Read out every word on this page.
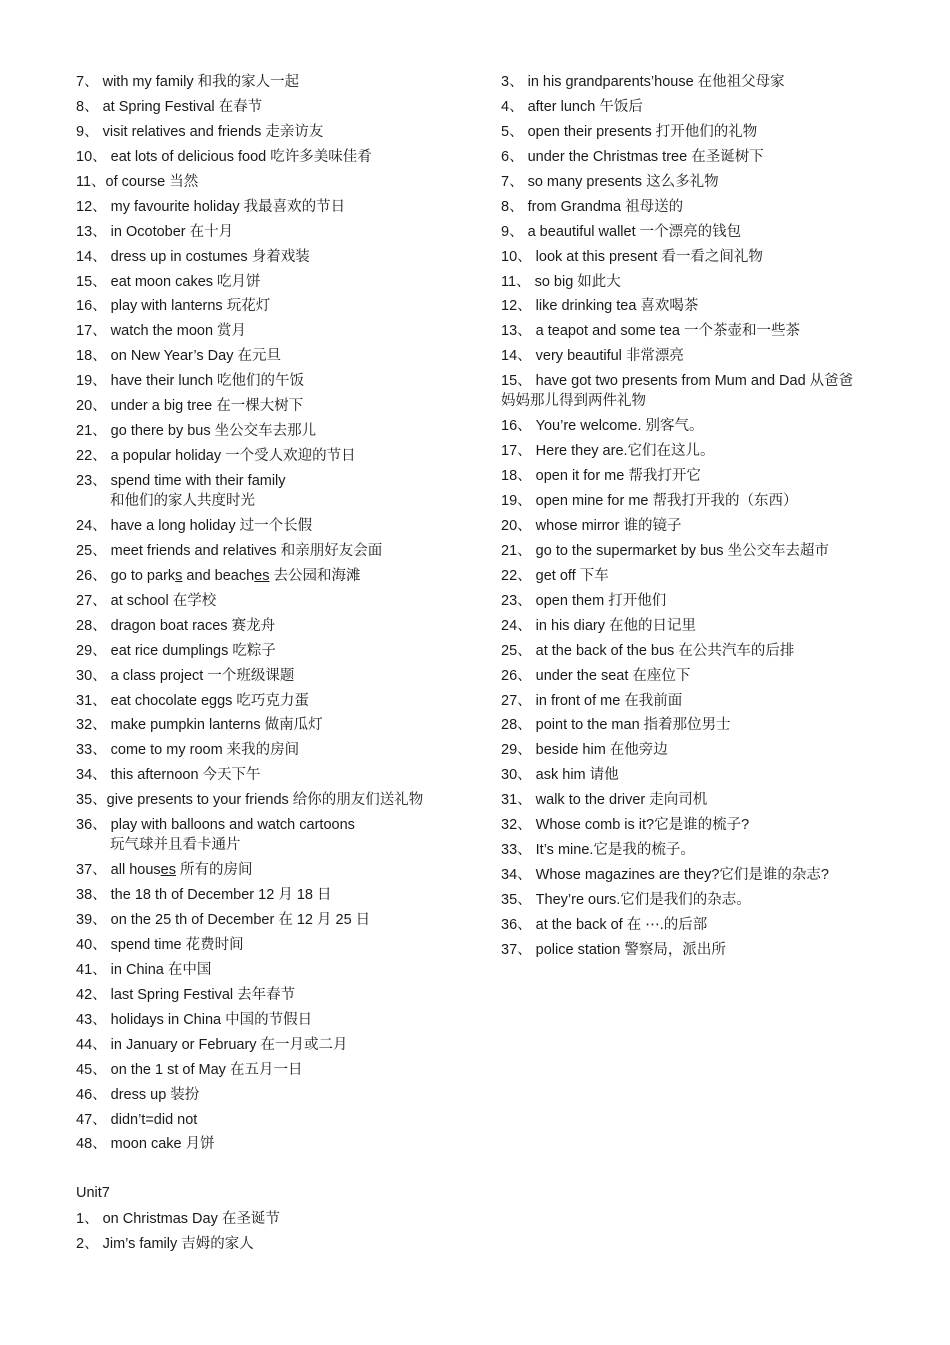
7、 with my family 和我的家人一起
8、 at Spring Festival 在春节
9、 visit relatives and friends 走亲访友
10、 eat lots of delicious food 吃许多美味佳肴
11、of course 当然
12、 my favourite holiday 我最喜欢的节日
13、 in Ocotober 在十月
14、 dress up in costumes 身着戏装
15、 eat moon cakes 吃月饼
16、 play with lanterns 玩花灯
17、 watch the moon 赏月
18、 on New Year’s Day 在元旦
19、 have their lunch 吃他们的午饭
20、 under a big tree 在一棵大树下
21、 go there by bus 坐公交车去那儿
22、 a popular holiday 一个受人欢迎的节日
23、 spend time with their family
和他们的家人共度时光
24、 have a long holiday 过一个长假
25、 meet friends and relatives 和亲朋好友会面
26、 go to parks and beaches 去公园和海滩
27、 at school 在学校
28、 dragon boat races 赛龙舟
29、 eat rice dumplings 吃粽子
30、 a class project 一个班级课题
31、 eat chocolate eggs 吃巧克力蛋
32、 make pumpkin lanterns 做南瓜灯
33、 come to my room 来我的房间
34、 this afternoon 今天下午
35、give presents to your friends 给你的朋友们送礼物
36、 play with balloons and watch cartoons
玩气球并且看卡通片
37、 all houses 所有的房间
38、 the 18 th of December 12 月 18 日
39、 on the 25 th of December 在 12 月 25 日
40、 spend time 花费时间
41、 in China 在中国
42、 last Spring Festival 去年春节
43、 holidays in China 中国的节假日
44、 in January or February 在一月或二月
45、 on the 1 st of May 在五月一日
46、 dress up 装扮
47、 didn’t=did not
48、 moon cake 月饼
Unit7
1、 on Christmas Day 在圣诞节
2、 Jim’s family 吉姆的家人
3、 in his grandparents’house 在他祖父母家
4、 after lunch 午饭后
5、 open their presents 打开他们的礼物
6、 under the Christmas tree 在圣诞树下
7、 so many presents 这么多礼物
8、 from Grandma 祖母送的
9、 a beautiful wallet 一个漂亮的钱包
10、 look at this present 看一看之间礼物
11、 so big 如此大
12、 like drinking tea 喜欢喝茶
13、 a teapot and some tea 一个茶壶和一些茶
14、 very beautiful 非常漂亮
15、 have got two presents from Mum and Dad 从爸爸
妈妈那儿得到两件礼物
16、 You’re welcome. 别客气。
17、 Here they are.它们在这儿。
18、 open it for me 帮我打开它
19、 open mine for me 帮我打开我的（东西）
20、 whose mirror 谁的镜子
21、 go to the supermarket by bus 坐公交车去超市
22、 get off 下车
23、 open them 打开他们
24、 in his diary 在他的日记里
25、 at the back of the bus 在公共汽车的后排
26、 under the seat 在座位下
27、 in front of me 在我前面
28、 point to the man 指着那位男士
29、 beside him 在他旁边
30、 ask him 请他
31、 walk to the driver 走向司机
32、 Whose comb is it?它是谁的梳子?
33、 It’s mine.它是我的梳子。
34、 Whose magazines are they?它们是谁的杂志?
35、 They’re ours.它们是我们的杂志。
36、 at the back of 在 ⋯.的后部
37、 police station 警察局，派出所
